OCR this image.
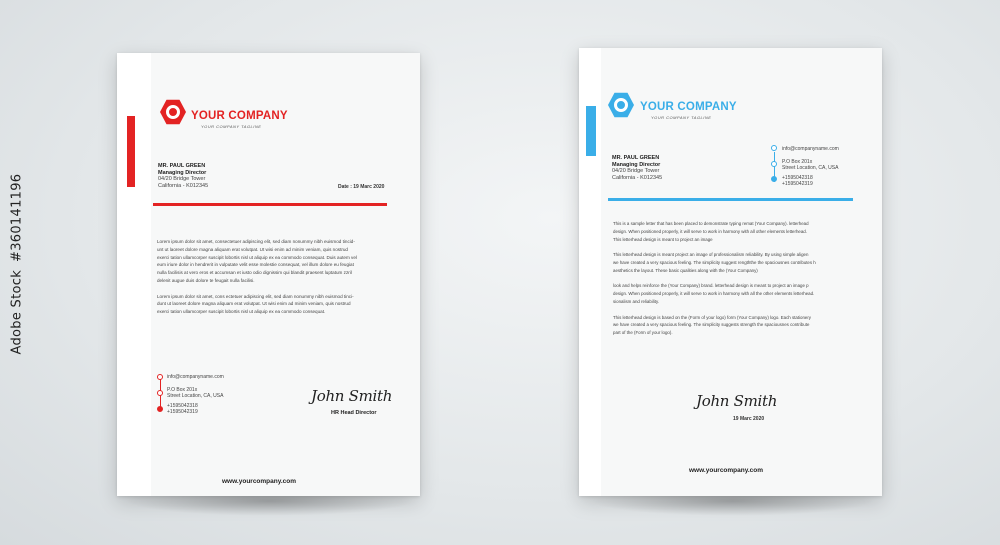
Adobe Stock#360141196
YOUR COMPANY
YOUR COMPANY TAGLINE
MR. PAUL GREEN
Managing Director
04/20 Bridge Tower
California - K012345	Date : 19 Marc 2020
Lorem ipsum dolor sit amet, consectetuer adipiscing elit, sed diam nonummy nibh euismod tincid-
unt ut laoreet dolore magna aliquam erat volutpat. Ut wisi enim ad minim veniam, quis nostrud
exerci tation ullamcorper suscipit lobortis nisl ut aliquip ex ea commodo consequat. Duis autem vel
eum iriure dolor in hendrerit in vulputate velit esse molestie consequat, vel illum dolore eu feugiat
nulla facilisis at vero eros et accumsan et iusto odio dignissim qui blandit praesent luptatum zzril
delenit augue duis dolore te feugait nulla facilisi.
Lorem ipsum dolor sit amet, cons ectetuer adipiscing elit, sed diam nonummy nibh euismod tinci-
dunt ut laoreet dolore magna aliquam erat volutpat. Ut wisi enim ad minim veniam, quis nostrud
exerci tation ullamcorper suscipit lobortis nisl ut aliquip ex ea commodo consequat.
info@companyname.com
P.O Box 201x
Street Location, CA, USA
+1595042318
+1595042319
John Smith
HR Head Director
www.yourcompany.com
YOUR COMPANY
YOUR COMPANY TAGLINE
MR. PAUL GREEN
Managing Director
04/20 Bridge Tower
California - K012345
info@companyname.com
P.O Box 201x
Street Location, CA, USA
+1595042318
+1595042319
This is a sample letter that has been placed to demonstrate typing remat (Your Company). letterhead
design. When positioned properly, it will serve to work in harmony with all other elements letterhead.
This letterhead design is meant to project an image
This letterhead design is meant project an image of professionalism reliability. By using simple aligen
we have created a very spacious feeling. The simplicity suggest rengththe the spaciousnes contributes h
aesthetics the layout. These basic qualities along with the (Your Company)
look and helps reinforce the (Your Company) brand. letterhead design is meant to project an image p
design. When positioned properly, it will serve to work in harmony with all the other elements letterhead.
sionalism and reliability.
This letterhead design is based on the (Form of your logo) form (Your Company) logo. Each stationery
we have created a very spacious feeling. The simplicity suggests strength the spaciousnes contribute
part of the (Form of your logo).
John Smith
19 Marc 2020
www.yourcompany.com
